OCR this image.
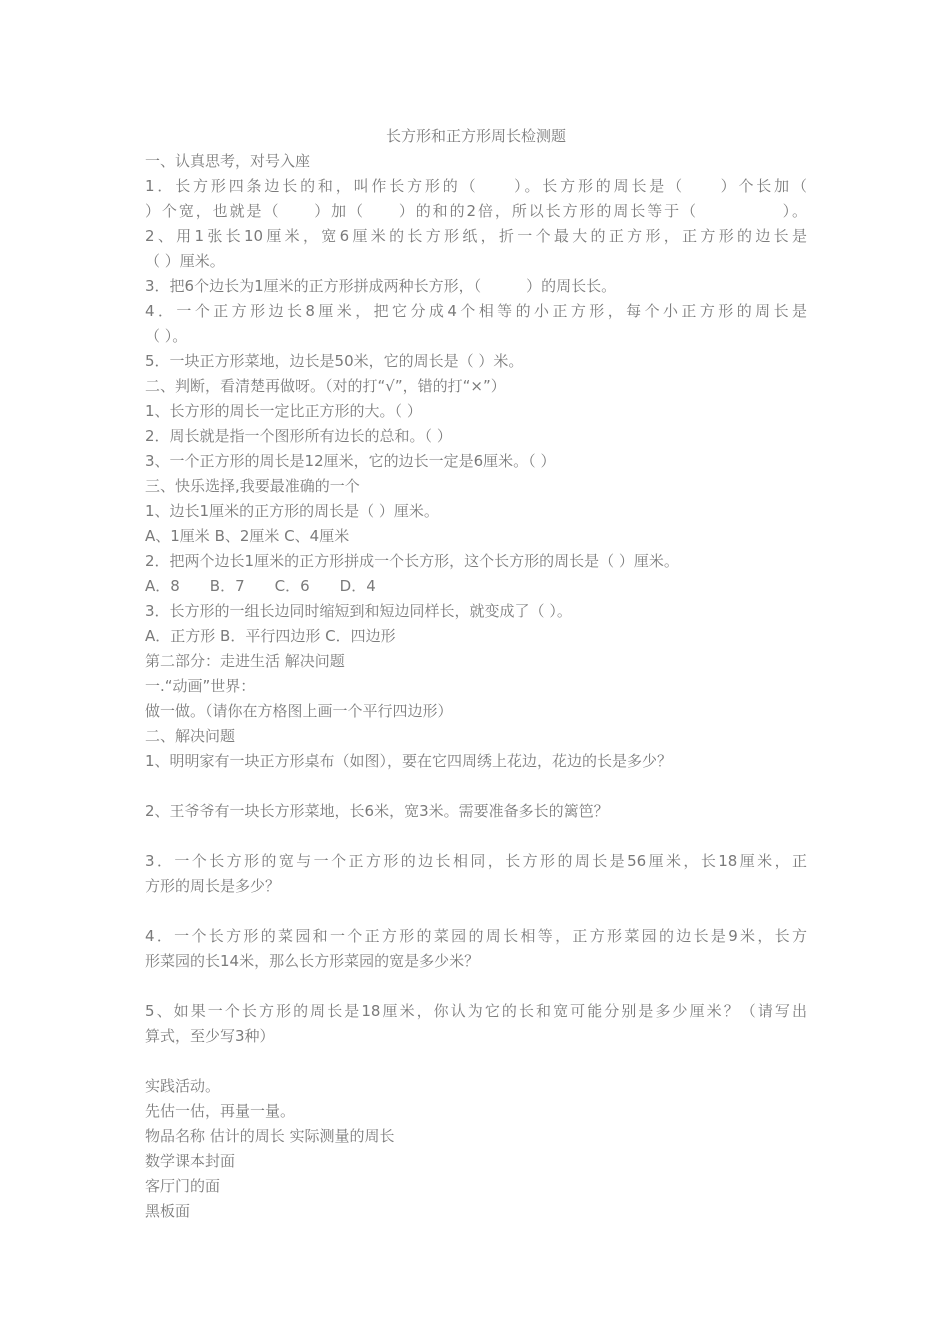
长方形和正方形周长检测题
一、认真思考，对号入座
1．长方形四条边长的和，叫作长方形的（　　）。长方形的周长是（　　）个长加（
）个宽，也就是（　　）加（　　）的和的2倍，所以长方形的周长等于（　　　　　）。
2、用1张长10厘米，宽6厘米的长方形纸，折一个最大的正方形，正方形的边长是
（ ）厘米。
3．把6个边长为1厘米的正方形拼成两种长方形，（　　　）的周长长。
4．一个正方形边长8厘米，把它分成4个相等的小正方形，每个小正方形的周长是
（ ）。
5．一块正方形菜地，边长是50米，它的周长是（ ）米。
二、判断，看清楚再做呀。（对的打“√”，错的打“×”）
1、长方形的周长一定比正方形的大。（ ）
2．周长就是指一个图形所有边长的总和。（ ）
3、一个正方形的周长是12厘米，它的边长一定是6厘米。（ ）
三、快乐选择,我要最准确的一个
1、边长1厘米的正方形的周长是（ ）厘米。
A、1厘米 B、2厘米 C、4厘米
2．把两个边长1厘米的正方形拼成一个长方形，这个长方形的周长是（ ）厘米。
A．8　　B．7　　C．6　　D．4
3．长方形的一组长边同时缩短到和短边同样长，就变成了（ ）。
A．正方形 B．平行四边形 C．四边形
第二部分：走进生活 解决问题
一.“动画”世界：
做一做。（请你在方格图上画一个平行四边形）
二、解决问题
1、明明家有一块正方形桌布（如图），要在它四周绣上花边，花边的长是多少？
2、王爷爷有一块长方形菜地，长6米，宽3米。需要准备多长的篱笆？
3．一个长方形的宽与一个正方形的边长相同，长方形的周长是56厘米，长18厘米，正
方形的周长是多少？
4．一个长方形的菜园和一个正方形的菜园的周长相等，正方形菜园的边长是9米，长方
形菜园的长14米，那么长方形菜园的宽是多少米？
5、如果一个长方形的周长是18厘米，你认为它的长和宽可能分别是多少厘米？（请写出
算式，至少写3种）
实践活动。
先估一估，再量一量。
物品名称 估计的周长 实际测量的周长
数学课本封面
客厅门的面
黑板面
